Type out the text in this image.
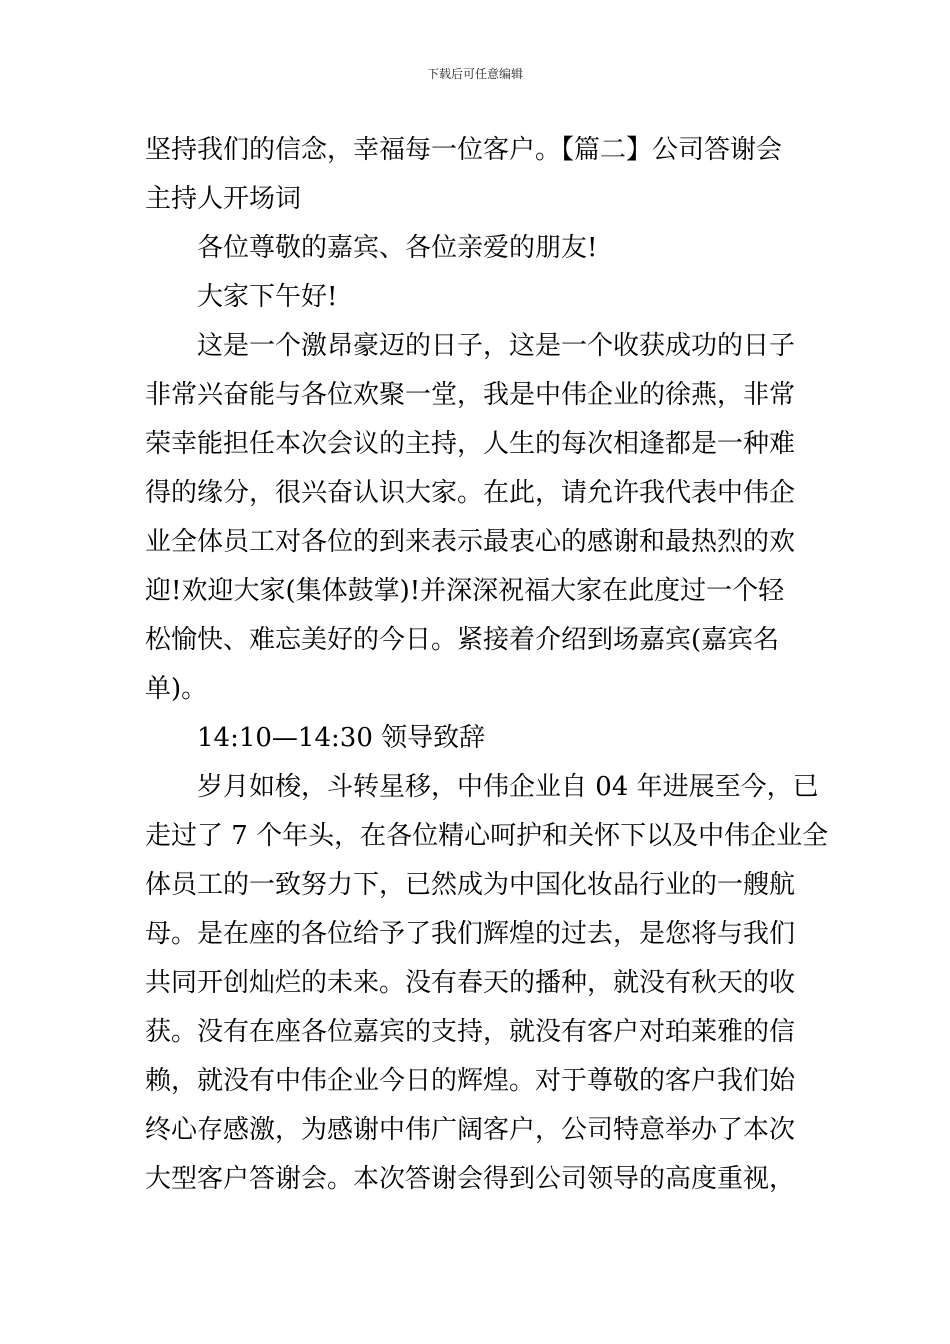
下载后可任意编辑
坚持我们的信念，幸福每一位客户。【篇二】公司答谢会
主持人开场词
各位尊敬的嘉宾、各位亲爱的朋友!
大家下午好!
这是一个激昂豪迈的日子，这是一个收获成功的日子
非常兴奋能与各位欢聚一堂，我是中伟企业的徐燕，非常
荣幸能担任本次会议的主持，人生的每次相逢都是一种难
得的缘分，很兴奋认识大家。在此，请允许我代表中伟企
业全体员工对各位的到来表示最衷心的感谢和最热烈的欢
迎!欢迎大家(集体鼓掌)!并深深祝福大家在此度过一个轻
松愉快、难忘美好的今日。紧接着介绍到场嘉宾(嘉宾名
单)。
14:10—14:30 领导致辞
岁月如梭，斗转星移，中伟企业自 04 年进展至今，已
走过了 7 个年头，在各位精心呵护和关怀下以及中伟企业全
体员工的一致努力下，已然成为中国化妆品行业的一艘航
母。是在座的各位给予了我们辉煌的过去，是您将与我们
共同开创灿烂的未来。没有春天的播种，就没有秋天的收
获。没有在座各位嘉宾的支持，就没有客户对珀莱雅的信
赖，就没有中伟企业今日的辉煌。对于尊敬的客户我们始
终心存感激，为感谢中伟广阔客户，公司特意举办了本次
大型客户答谢会。本次答谢会得到公司领导的高度重视，
